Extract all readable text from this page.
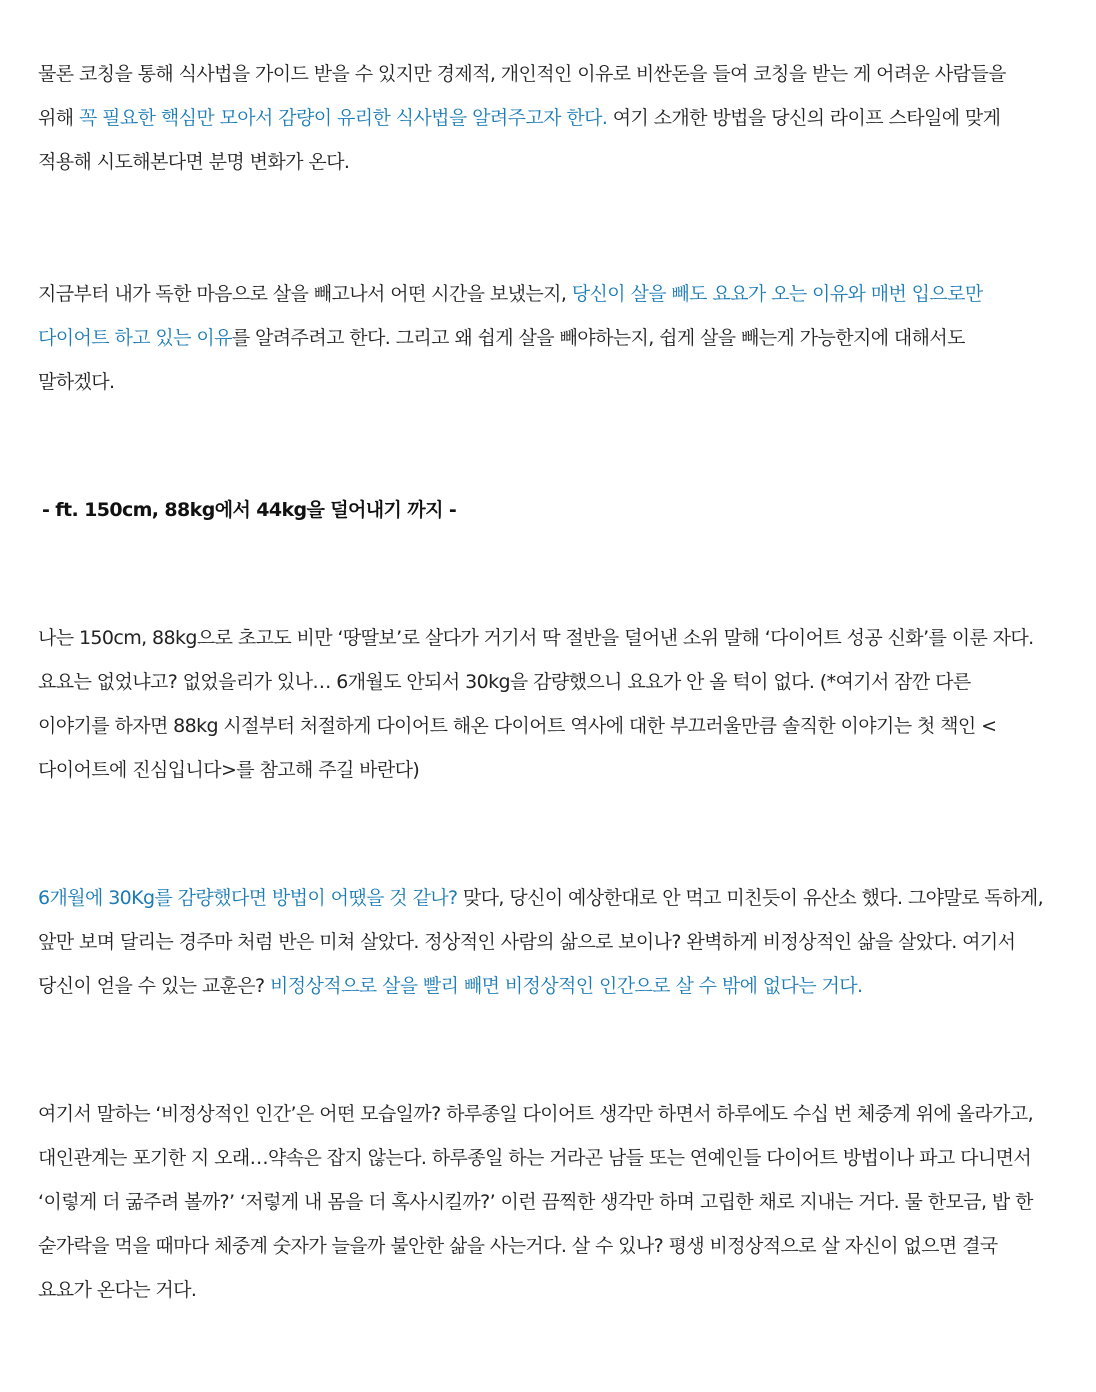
물론 코칭을 통해 식사법을 가이드 받을 수 있지만 경제적, 개인적인 이유로 비싼돈을 들여 코칭을 받는 게 어려운 사람들을 위해 꼭 필요한 핵심만 모아서 감량이 유리한 식사법을 알려주고자 한다. 여기 소개한 방법을 당신의 라이프 스타일에 맞게 적용해 시도해본다면 분명 변화가 온다.

지금부터 내가 독한 마음으로 살을 빼고나서 어떤 시간을 보냈는지, 당신이 살을 빼도 요요가 오는 이유와 매번 입으로만 다이어트 하고 있는 이유를 알려주려고 한다. 그리고 왜 쉽게 살을 빼야하는지, 쉽게 살을 빼는게 가능한지에 대해서도 말하겠다.

- ft. 150cm, 88kg에서 44kg을 덜어내기 까지 -

나는 150cm, 88kg으로 초고도 비만 ‘땅딸보’로 살다가 거기서 딱 절반을 덜어낸 소위 말해 ‘다이어트 성공 신화’를 이룬 자다. 요요는 없었냐고? 없었을리가 있나… 6개월도 안되서 30kg을 감량했으니 요요가 안 올 턱이 없다. (*여기서 잠깐 다른 이야기를 하자면 88kg 시절부터 처절하게 다이어트 해온 다이어트 역사에 대한 부끄러울만큼 솔직한 이야기는 첫 책인 <다이어트에 진심입니다>를 참고해 주길 바란다)

6개월에 30Kg를 감량했다면 방법이 어땠을 것 같나? 맞다, 당신이 예상한대로 안 먹고 미친듯이 유산소 했다. 그야말로 독하게, 앞만 보며 달리는 경주마 처럼 반은 미쳐 살았다. 정상적인 사람의 삶으로 보이나? 완벽하게 비정상적인 삶을 살았다. 여기서 당신이 얻을 수 있는 교훈은? 비정상적으로 살을 빨리 빼면 비정상적인 인간으로 살 수 밖에 없다는 거다.

여기서 말하는 ‘비정상적인 인간’은 어떤 모습일까? 하루종일 다이어트 생각만 하면서 하루에도 수십 번 체중계 위에 올라가고, 대인관계는 포기한 지 오래…약속은 잡지 않는다. 하루종일 하는 거라곤 남들 또는 연예인들 다이어트 방법이나 파고 다니면서 ‘이렇게 더 굶주려 볼까?’ ‘저렇게 내 몸을 더 혹사시킬까?’ 이런 끔찍한 생각만 하며 고립한 채로 지내는 거다. 물 한모금, 밥 한 숟가락을 먹을 때마다 체중계 숫자가 늘을까 불안한 삶을 사는거다. 살 수 있나? 평생 비정상적으로 살 자신이 없으면 결국 요요가 온다는 거다.
